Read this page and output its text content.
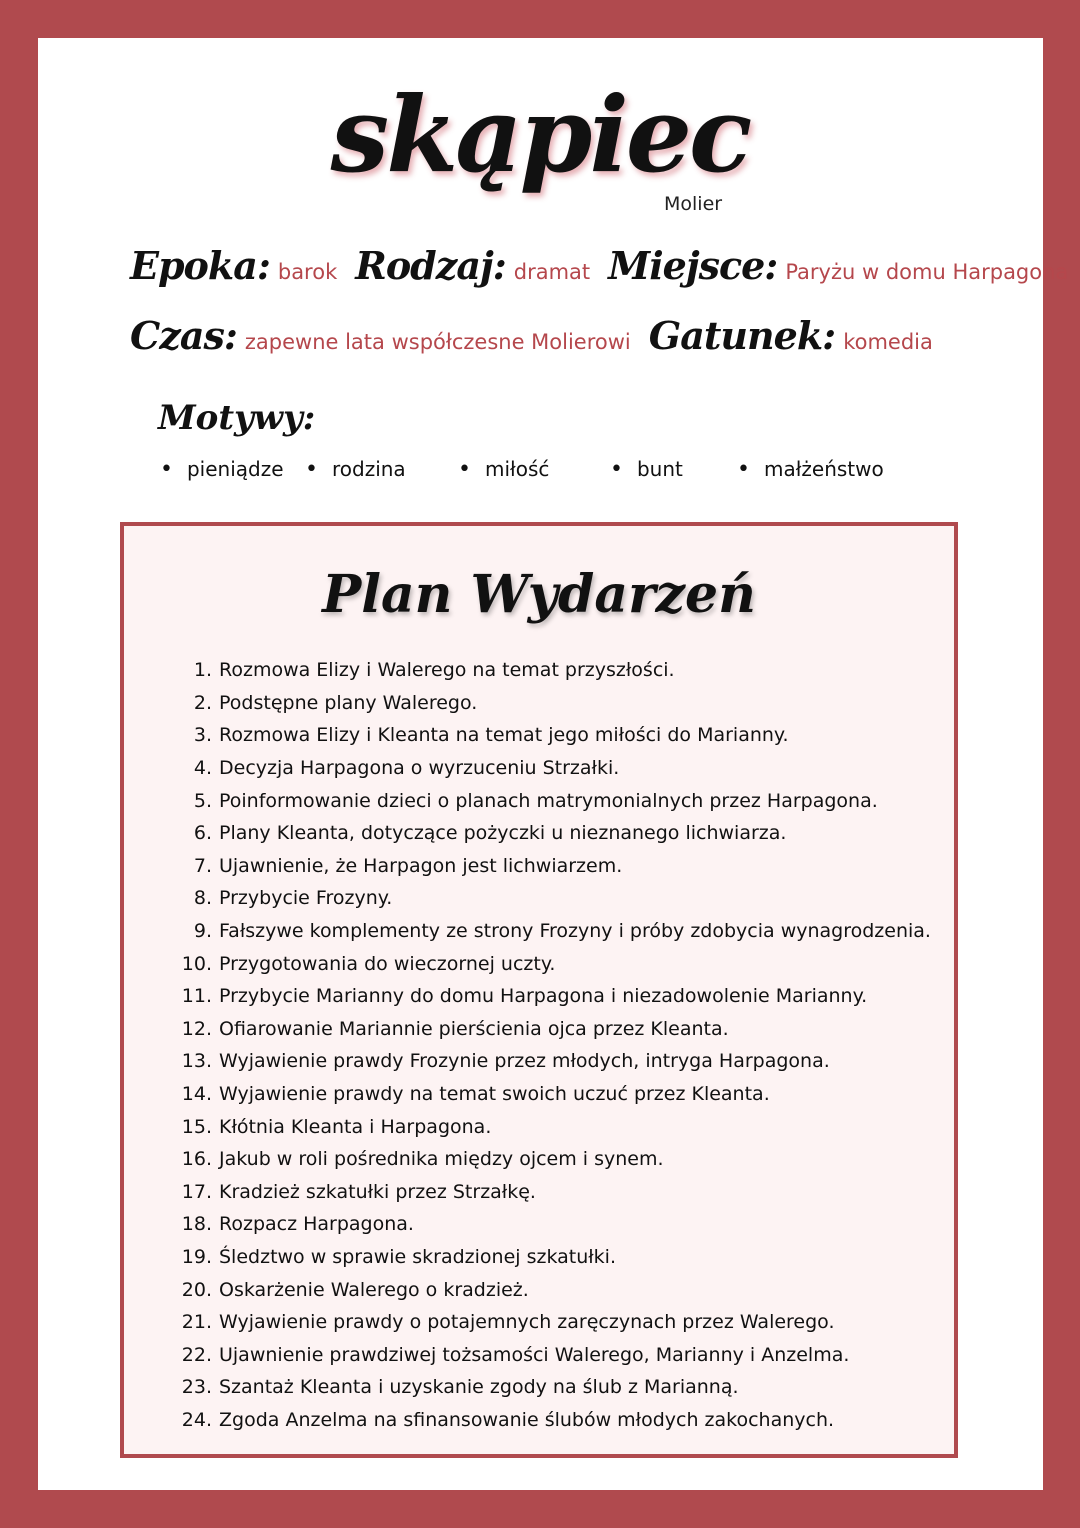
skąpiec
Molier
Epoka: barok Rodzaj: dramat Miejsce: Paryżu w domu Harpagona
Czas: zapewne lata współczesne Molierowi Gatunek: komedia
Motywy:
• pieniądze	• rodzina	• miłość	• bunt	• małżeństwo
Plan Wydarzeń
1. Rozmowa Elizy i Walerego na temat przyszłości.
2. Podstępne plany Walerego.
3. Rozmowa Elizy i Kleanta na temat jego miłości do Marianny.
4. Decyzja Harpagona o wyrzuceniu Strzałki.
5. Poinformowanie dzieci o planach matrymonialnych przez Harpagona.
6. Plany Kleanta, dotyczące pożyczki u nieznanego lichwiarza.
7. Ujawnienie, że Harpagon jest lichwiarzem.
8. Przybycie Frozyny.
9. Fałszywe komplementy ze strony Frozyny i próby zdobycia wynagrodzenia.
10. Przygotowania do wieczornej uczty.
11. Przybycie Marianny do domu Harpagona i niezadowolenie Marianny.
12. Ofiarowanie Mariannie pierścienia ojca przez Kleanta.
13. Wyjawienie prawdy Frozynie przez młodych, intryga Harpagona.
14. Wyjawienie prawdy na temat swoich uczuć przez Kleanta.
15. Kłótnia Kleanta i Harpagona.
16. Jakub w roli pośrednika między ojcem i synem.
17. Kradzież szkatułki przez Strzałkę.
18. Rozpacz Harpagona.
19. Śledztwo w sprawie skradzionej szkatułki.
20. Oskarżenie Walerego o kradzież.
21. Wyjawienie prawdy o potajemnych zaręczynach przez Walerego.
22. Ujawnienie prawdziwej tożsamości Walerego, Marianny i Anzelma.
23. Szantaż Kleanta i uzyskanie zgody na ślub z Marianną.
24. Zgoda Anzelma na sfinansowanie ślubów młodych zakochanych.
